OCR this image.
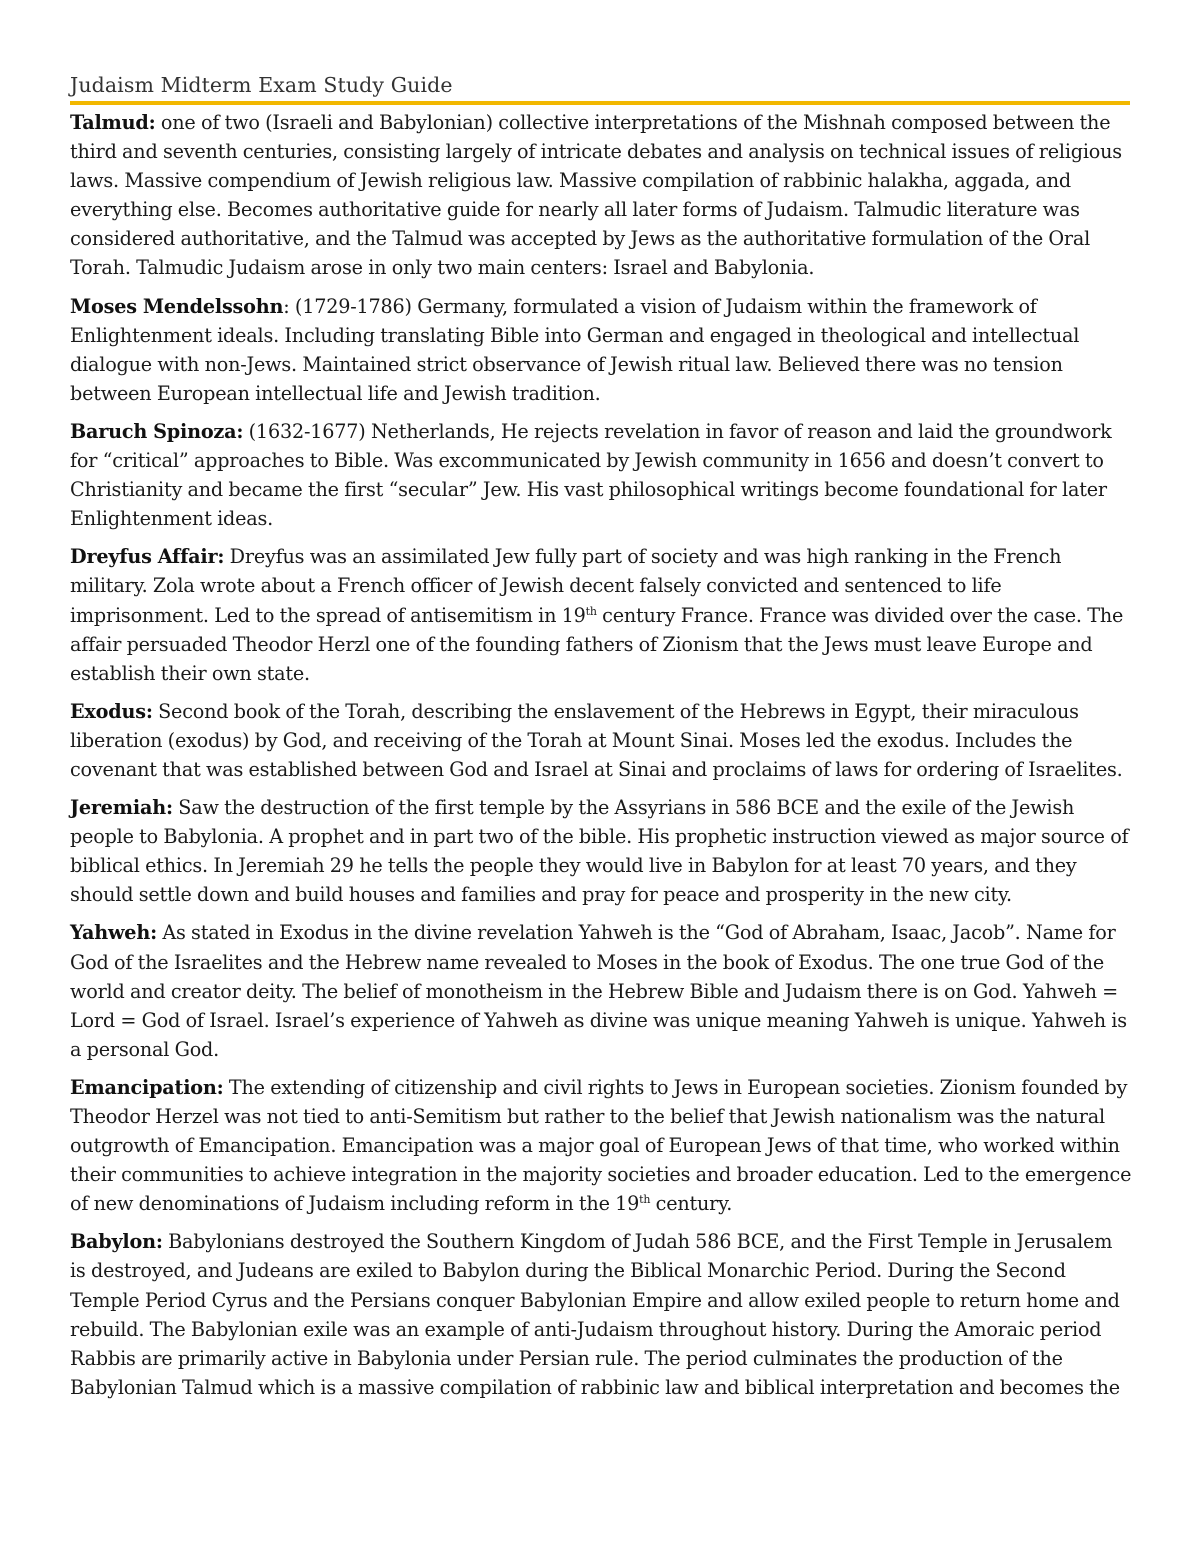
Judaism Midterm Exam Study Guide

Talmud: one of two (Israeli and Babylonian) collective interpretations of the Mishnah composed between the third and seventh centuries, consisting largely of intricate debates and analysis on technical issues of religious laws. Massive compendium of Jewish religious law. Massive compilation of rabbinic halakha, aggada, and everything else. Becomes authoritative guide for nearly all later forms of Judaism. Talmudic literature was considered authoritative, and the Talmud was accepted by Jews as the authoritative formulation of the Oral Torah. Talmudic Judaism arose in only two main centers: Israel and Babylonia.

Moses Mendelssohn: (1729-1786) Germany, formulated a vision of Judaism within the framework of Enlightenment ideals. Including translating Bible into German and engaged in theological and intellectual dialogue with non-Jews. Maintained strict observance of Jewish ritual law. Believed there was no tension between European intellectual life and Jewish tradition.

Baruch Spinoza: (1632-1677) Netherlands, He rejects revelation in favor of reason and laid the groundwork for “critical” approaches to Bible. Was excommunicated by Jewish community in 1656 and doesn’t convert to Christianity and became the first “secular” Jew. His vast philosophical writings become foundational for later Enlightenment ideas.

Dreyfus Affair: Dreyfus was an assimilated Jew fully part of society and was high ranking in the French military. Zola wrote about a French officer of Jewish decent falsely convicted and sentenced to life imprisonment. Led to the spread of antisemitism in 19th century France. France was divided over the case. The affair persuaded Theodor Herzl one of the founding fathers of Zionism that the Jews must leave Europe and establish their own state.

Exodus: Second book of the Torah, describing the enslavement of the Hebrews in Egypt, their miraculous liberation (exodus) by God, and receiving of the Torah at Mount Sinai. Moses led the exodus. Includes the covenant that was established between God and Israel at Sinai and proclaims of laws for ordering of Israelites.

Jeremiah: Saw the destruction of the first temple by the Assyrians in 586 BCE and the exile of the Jewish people to Babylonia. A prophet and in part two of the bible. His prophetic instruction viewed as major source of biblical ethics. In Jeremiah 29 he tells the people they would live in Babylon for at least 70 years, and they should settle down and build houses and families and pray for peace and prosperity in the new city.

Yahweh: As stated in Exodus in the divine revelation Yahweh is the “God of Abraham, Isaac, Jacob”. Name for God of the Israelites and the Hebrew name revealed to Moses in the book of Exodus. The one true God of the world and creator deity. The belief of monotheism in the Hebrew Bible and Judaism there is on God. Yahweh = Lord = God of Israel. Israel’s experience of Yahweh as divine was unique meaning Yahweh is unique. Yahweh is a personal God.

Emancipation: The extending of citizenship and civil rights to Jews in European societies. Zionism founded by Theodor Herzel was not tied to anti-Semitism but rather to the belief that Jewish nationalism was the natural outgrowth of Emancipation. Emancipation was a major goal of European Jews of that time, who worked within their communities to achieve integration in the majority societies and broader education. Led to the emergence of new denominations of Judaism including reform in the 19th century.

Babylon: Babylonians destroyed the Southern Kingdom of Judah 586 BCE, and the First Temple in Jerusalem is destroyed, and Judeans are exiled to Babylon during the Biblical Monarchic Period. During the Second Temple Period Cyrus and the Persians conquer Babylonian Empire and allow exiled people to return home and rebuild. The Babylonian exile was an example of anti-Judaism throughout history. During the Amoraic period Rabbis are primarily active in Babylonia under Persian rule. The period culminates the production of the Babylonian Talmud which is a massive compilation of rabbinic law and biblical interpretation and becomes the
